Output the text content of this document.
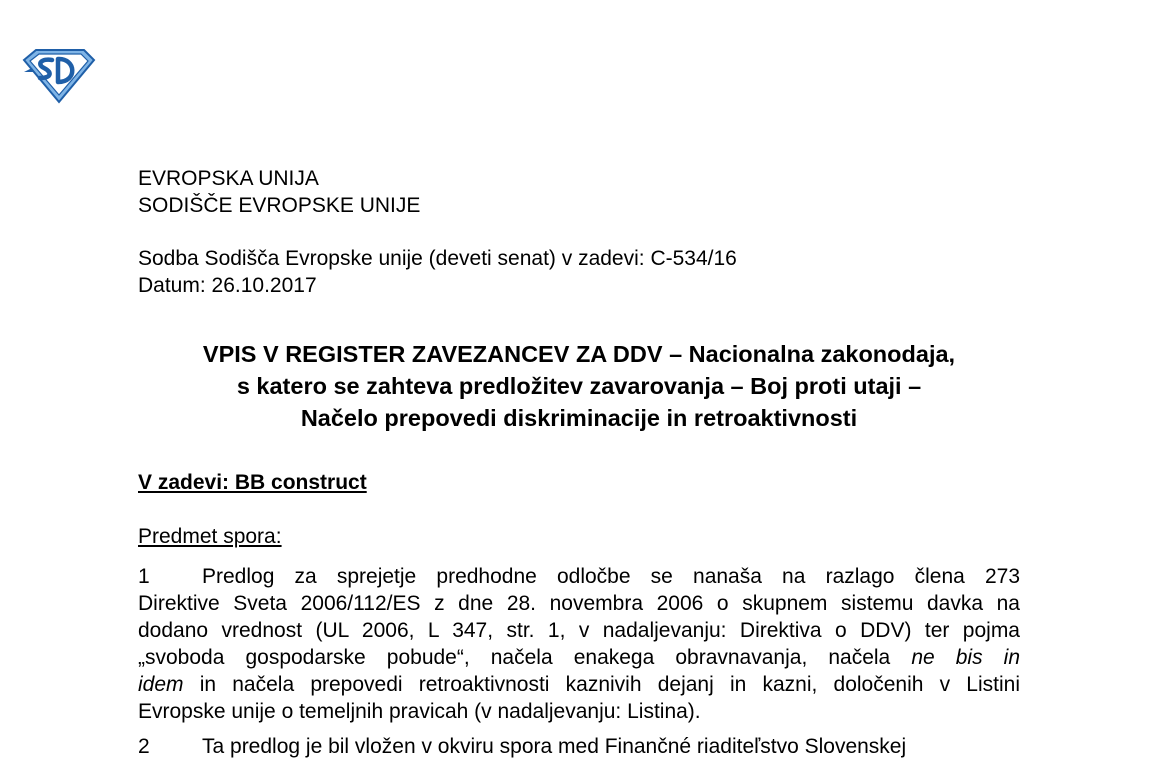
EVROPSKA UNIJA
SODIŠČE EVROPSKE UNIJE
Sodba Sodišča Evropske unije (deveti senat) v zadevi: C-534/16
Datum: 26.10.2017
VPIS V REGISTER ZAVEZANCEV ZA DDV – Nacionalna zakonodaja,
s katero se zahteva predložitev zavarovanja – Boj proti utaji –
Načelo prepovedi diskriminacije in retroaktivnosti
V zadevi: BB construct
Predmet spora:
1 Predlog za sprejetje predhodne odločbe se nanaša na razlago člena 273
Direktive Sveta 2006/112/ES z dne 28. novembra 2006 o skupnem sistemu davka na
dodano vrednost (UL 2006, L 347, str. 1, v nadaljevanju: Direktiva o DDV) ter pojma
„svoboda gospodarske pobude“, načela enakega obravnavanja, načela ne bis in
idem in načela prepovedi retroaktivnosti kaznivih dejanj in kazni, določenih v Listini
Evropske unije o temeljnih pravicah (v nadaljevanju: Listina).
2 Ta predlog je bil vložen v okviru spora med Finančné riaditeľstvo Slovenskej
